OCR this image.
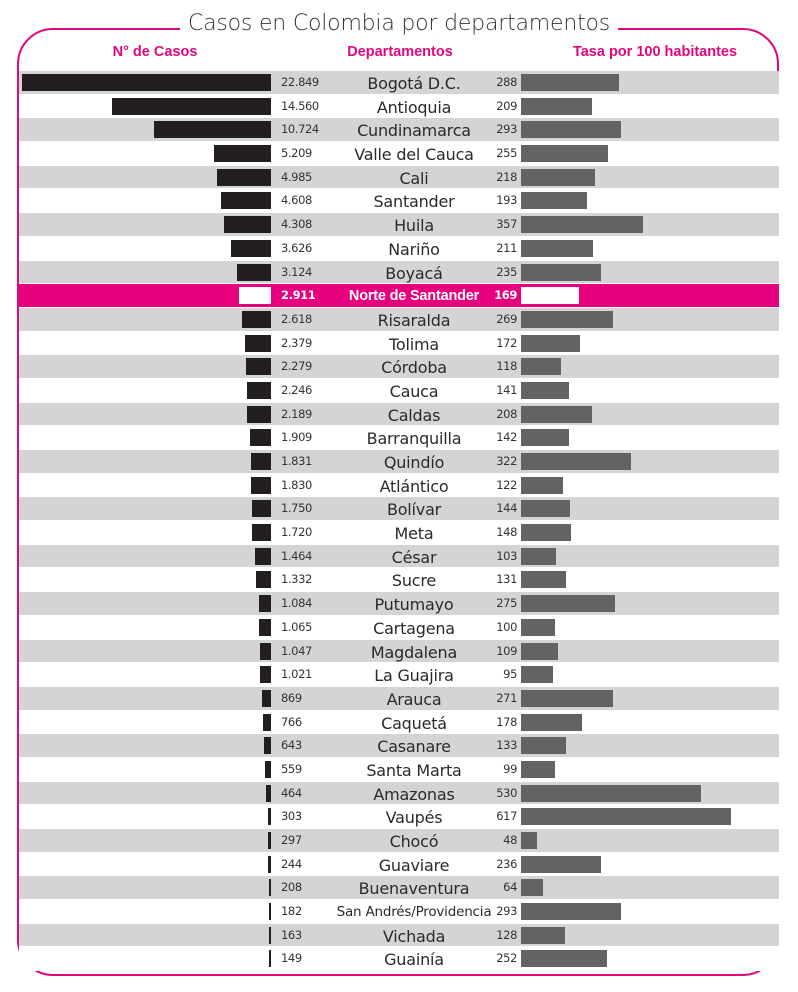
Casos en Colombia por departamentos
N° de Casos	Departamentos	Tasa por 100 habitantes
22.849	Bogotá D.C.	288
14.560	Antioquia	209
10.724	Cundinamarca	293
5.209	Valle del Cauca	255
4.985	Cali	218
4.608	Santander	193
4.308	Huila	357
3.626	Nariño	211
3.124	Boyacá	235
2.911	Norte de Santander	169
2.618	Risaralda	269
2.379	Tolima	172
2.279	Córdoba	118
2.246	Cauca	141
2.189	Caldas	208
1.909	Barranquilla	142
1.831	Quindío	322
1.830	Atlántico	122
1.750	Bolívar	144
1.720	Meta	148
1.464	César	103
1.332	Sucre	131
1.084	Putumayo	275
1.065	Cartagena	100
1.047	Magdalena	109
1.021	La Guajira	95
869	Arauca	271
766	Caquetá	178
643	Casanare	133
559	Santa Marta	99
464	Amazonas	530
303	Vaupés	617
297	Chocó	48
244	Guaviare	236
208	Buenaventura	64
182	San Andrés/Providencia 293
163	Vichada	128
149	Guainía	252
